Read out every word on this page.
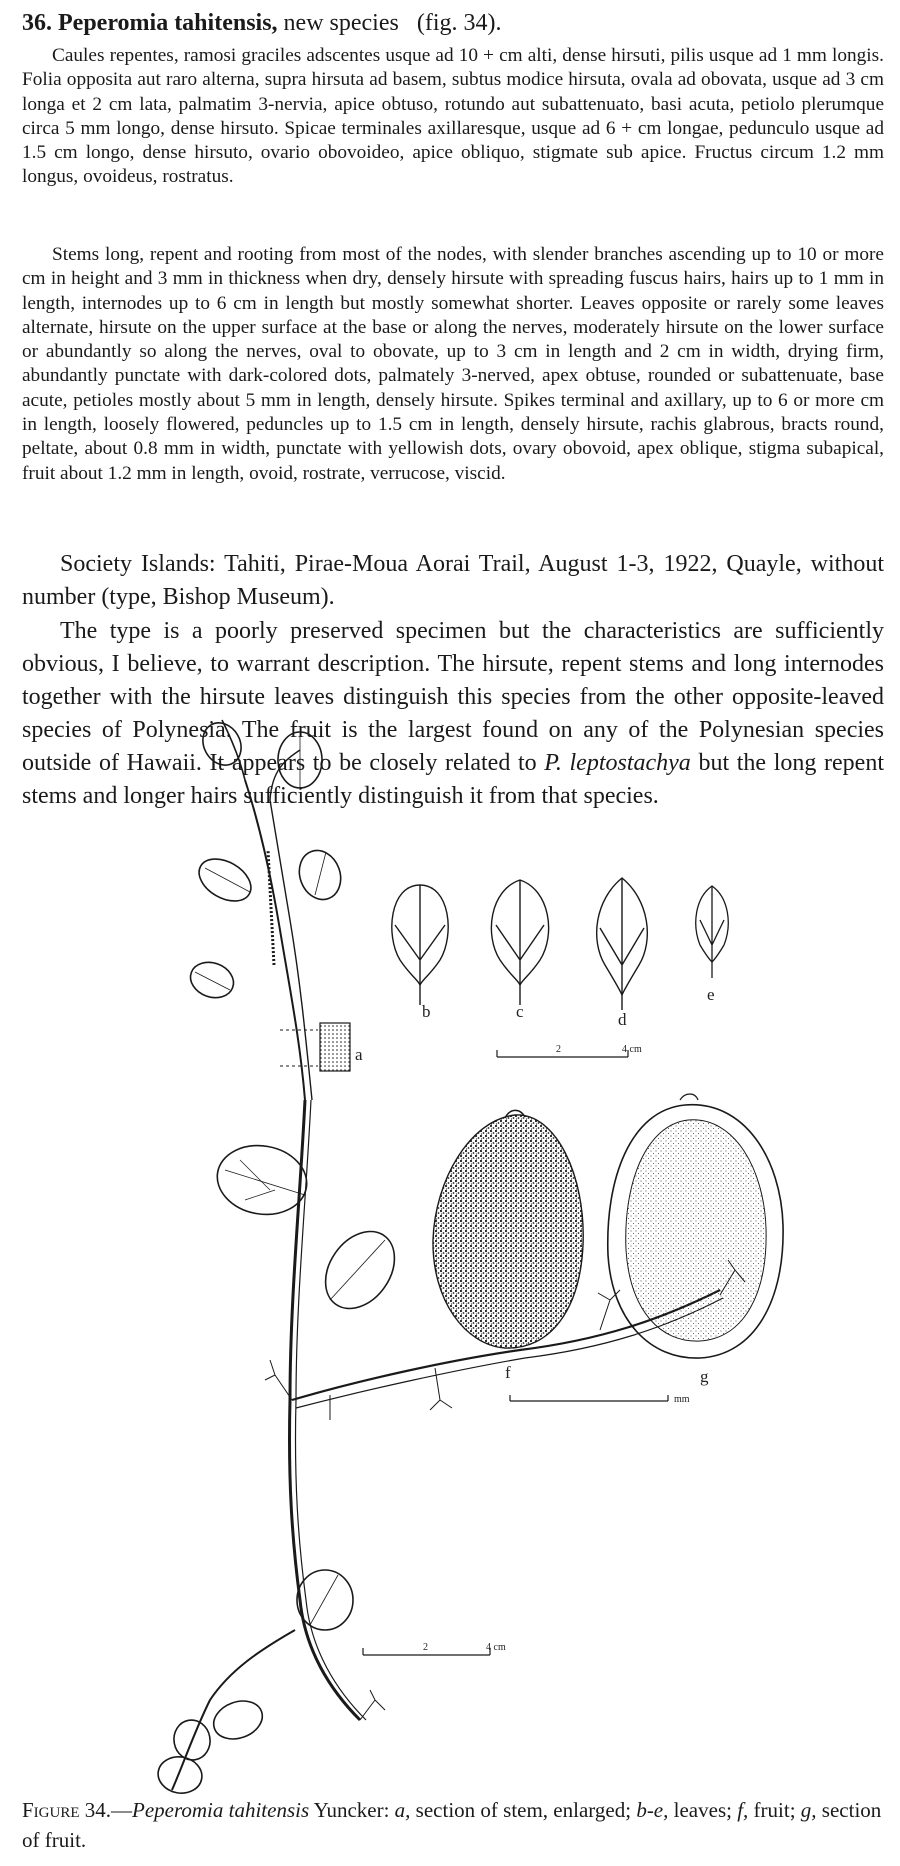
36. Peperomia tahitensis, new species (fig. 34).

Caules repentes, ramosi graciles adscentes usque ad 10 + cm alti, dense hirsuti, pilis usque ad 1 mm longis. Folia opposita aut raro alterna, supra hirsuta ad basem, subtus modice hirsuta, ovala ad obovata, usque ad 3 cm longa et 2 cm lata, palmatim 3-nervia, apice obtuso, rotundo aut subattenuato, basi acuta, petiolo plerumque circa 5 mm longo, dense hirsuto. Spicae terminales axillaresque, usque ad 6 + cm longae, pedunculo usque ad 1.5 cm longo, dense hirsuto, ovario obovoideo, apice obliquo, stigmate sub apice. Fructus circum 1.2 mm longus, ovoideus, rostratus.

Stems long, repent and rooting from most of the nodes, with slender branches ascending up to 10 or more cm in height and 3 mm in thickness when dry, densely hirsute with spreading fuscus hairs, hairs up to 1 mm in length, internodes up to 6 cm in length but mostly somewhat shorter. Leaves opposite or rarely some leaves alternate, hirsute on the upper surface at the base or along the nerves, moderately hirsute on the lower surface or abundantly so along the nerves, oval to obovate, up to 3 cm in length and 2 cm in width, drying firm, abundantly punctate with dark-colored dots, palmately 3-nerved, apex obtuse, rounded or subattenuate, base acute, petioles mostly about 5 mm in length, densely hirsute. Spikes terminal and axillary, up to 6 or more cm in length, loosely flowered, peduncles up to 1.5 cm in length, densely hirsute, rachis glabrous, bracts round, peltate, about 0.8 mm in width, punctate with yellowish dots, ovary obovoid, apex oblique, stigma subapical, fruit about 1.2 mm in length, ovoid, rostrate, verrucose, viscid.

Society Islands: Tahiti, Pirae-Moua Aorai Trail, August 1-3, 1922, Quayle, without number (type, Bishop Museum).

The type is a poorly preserved specimen but the characteristics are sufficiently obvious, I believe, to warrant description. The hirsute, repent stems and long internodes together with the hirsute leaves distinguish this species from the other opposite-leaved species of Polynesia. The fruit is the largest found on any of the Polynesian species outside of Hawaii. It appears to be closely related to P. leptostachya but the long repent stems and longer hairs sufficiently distinguish it from that species.

a
b	c	d
e
2	4 cm
f	g
mm
2	4 cm
Figure 34.—Peperomia tahitensis Yuncker: a, section of stem, enlarged; b-e, leaves; f, fruit; g, section of fruit.
